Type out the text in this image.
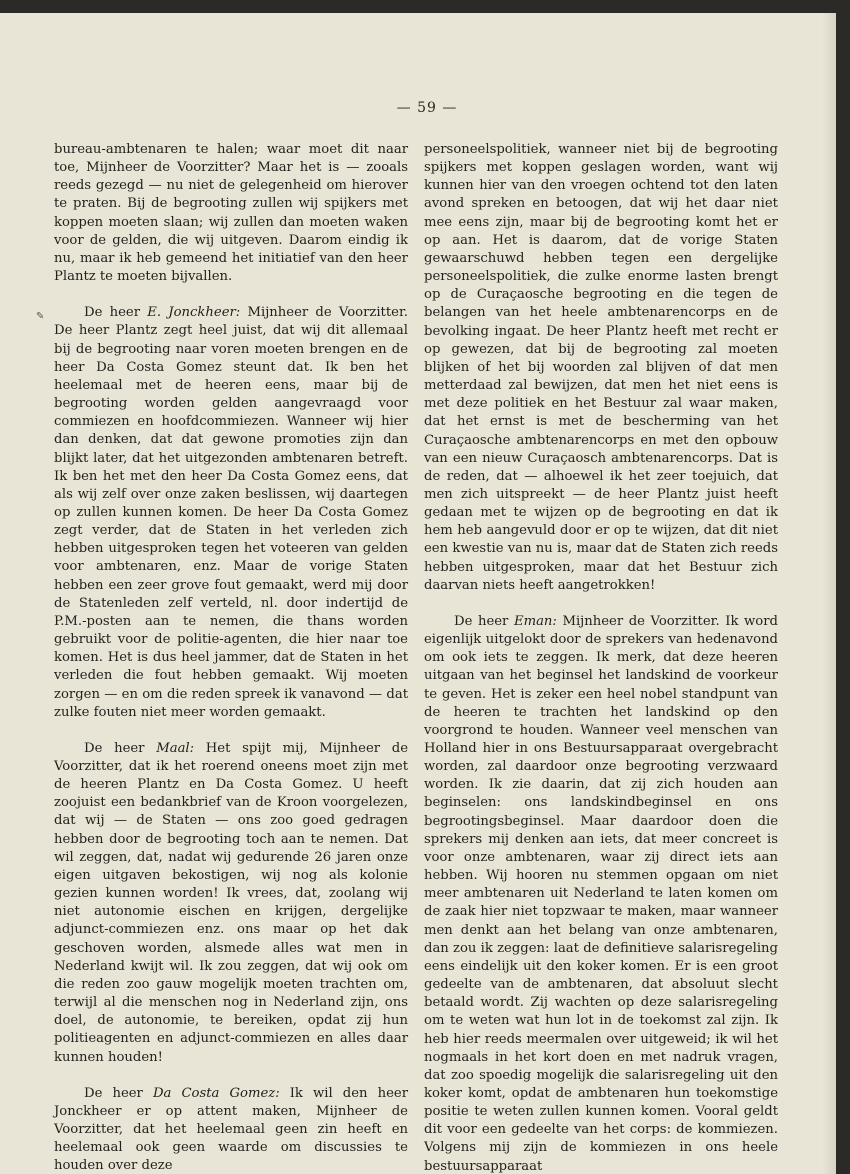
— 59 —
✎

bureau-ambtenaren te halen; waar moet dit naar toe, Mijnheer de Voorzitter? Maar het is — zooals reeds gezegd — nu niet de gelegenheid om hierover te praten. Bij de begrooting zullen wij spijkers met koppen moeten slaan; wij zullen dan moeten waken voor de gelden, die wij uitgeven. Daarom eindig ik nu, maar ik heb gemeend het initiatief van den heer Plantz te moeten bijvallen.

De heer E. Jonckheer: Mijnheer de Voorzitter. De heer Plantz zegt heel juist, dat wij dit allemaal bij de begrooting naar voren moeten brengen en de heer Da Costa Gomez steunt dat. Ik ben het heelemaal met de heeren eens, maar bij de begrooting worden gelden aangevraagd voor commiezen en hoofdcommiezen. Wanneer wij hier dan denken, dat dat gewone promoties zijn dan blijkt later, dat het uitgezonden ambtenaren betreft. Ik ben het met den heer Da Costa Gomez eens, dat als wij zelf over onze zaken beslissen, wij daartegen op zullen kunnen komen. De heer Da Costa Gomez zegt verder, dat de Staten in het verleden zich hebben uitgesproken tegen het voteeren van gelden voor ambtenaren, enz. Maar de vorige Staten hebben een zeer grove fout gemaakt, werd mij door de Statenleden zelf verteld, nl. door indertijd de P.M.-posten aan te nemen, die thans worden gebruikt voor de politie-agenten, die hier naar toe komen. Het is dus heel jammer, dat de Staten in het verleden die fout hebben gemaakt. Wij moeten zorgen — en om die reden spreek ik vanavond — dat zulke fouten niet meer worden gemaakt.

De heer Maal: Het spijt mij, Mijnheer de Voorzitter, dat ik het roerend oneens moet zijn met de heeren Plantz en Da Costa Gomez. U heeft zoojuist een bedankbrief van de Kroon voorgelezen, dat wij — de Staten — ons zoo goed gedragen hebben door de begrooting toch aan te nemen. Dat wil zeggen, dat, nadat wij gedurende 26 jaren onze eigen uitgaven bekostigen, wij nog als kolonie gezien kunnen worden! Ik vrees, dat, zoolang wij niet autonomie eischen en krijgen, dergelijke adjunct-commiezen enz. ons maar op het dak geschoven worden, alsmede alles wat men in Nederland kwijt wil. Ik zou zeggen, dat wij ook om die reden zoo gauw mogelijk moeten trachten om, terwijl al die menschen nog in Nederland zijn, ons doel, de autonomie, te bereiken, opdat zij hun politieagenten en adjunct-commiezen en alles daar kunnen houden!

De heer Da Costa Gomez: Ik wil den heer Jonckheer er op attent maken, Mijnheer de Voorzitter, dat het heelemaal geen zin heeft en heelemaal ook geen waarde om discussies te houden over deze

personeelspolitiek, wanneer niet bij de begrooting spijkers met koppen geslagen worden, want wij kunnen hier van den vroegen ochtend tot den laten avond spreken en betoogen, dat wij het daar niet mee eens zijn, maar bij de begrooting komt het er op aan. Het is daarom, dat de vorige Staten gewaarschuwd hebben tegen een dergelijke personeelspolitiek, die zulke enorme lasten brengt op de Curaçaosche begrooting en die tegen de belangen van het heele ambtenarencorps en de bevolking ingaat. De heer Plantz heeft met recht er op gewezen, dat bij de begrooting zal moeten blijken of het bij woorden zal blijven of dat men metterdaad zal bewijzen, dat men het niet eens is met deze politiek en het Bestuur zal waar maken, dat het ernst is met de bescherming van het Curaçaosche ambtenarencorps en met den opbouw van een nieuw Curaçaosch ambtenarencorps. Dat is de reden, dat — alhoewel ik het zeer toejuich, dat men zich uitspreekt — de heer Plantz juist heeft gedaan met te wijzen op de begrooting en dat ik hem heb aangevuld door er op te wijzen, dat dit niet een kwestie van nu is, maar dat de Staten zich reeds hebben uitgesproken, maar dat het Bestuur zich daarvan niets heeft aangetrokken!

De heer Eman: Mijnheer de Voorzitter. Ik word eigenlijk uitgelokt door de sprekers van hedenavond om ook iets te zeggen. Ik merk, dat deze heeren uitgaan van het beginsel het landskind de voorkeur te geven. Het is zeker een heel nobel standpunt van de heeren te trachten het landskind op den voorgrond te houden. Wanneer veel menschen van Holland hier in ons Bestuursapparaat overgebracht worden, zal daardoor onze begrooting verzwaard worden. Ik zie daarin, dat zij zich houden aan beginselen: ons landskindbeginsel en ons begrootingsbeginsel. Maar daardoor doen die sprekers mij denken aan iets, dat meer concreet is voor onze ambtenaren, waar zij direct iets aan hebben. Wij hooren nu stemmen opgaan om niet meer ambtenaren uit Nederland te laten komen om de zaak hier niet topzwaar te maken, maar wanneer men denkt aan het belang van onze ambtenaren, dan zou ik zeggen: laat de definitieve salarisregeling eens eindelijk uit den koker komen. Er is een groot gedeelte van de ambtenaren, dat absoluut slecht betaald wordt. Zij wachten op deze salarisregeling om te weten wat hun lot in de toekomst zal zijn. Ik heb hier reeds meermalen over uitgeweid; ik wil het nogmaals in het kort doen en met nadruk vragen, dat zoo spoedig mogelijk die salarisregeling uit den koker komt, opdat de ambtenaren hun toekomstige positie te weten zullen kunnen komen. Vooral geldt dit voor een gedeelte van het corps: de kommiezen. Volgens mij zijn de kommiezen in ons heele bestuursapparaat
